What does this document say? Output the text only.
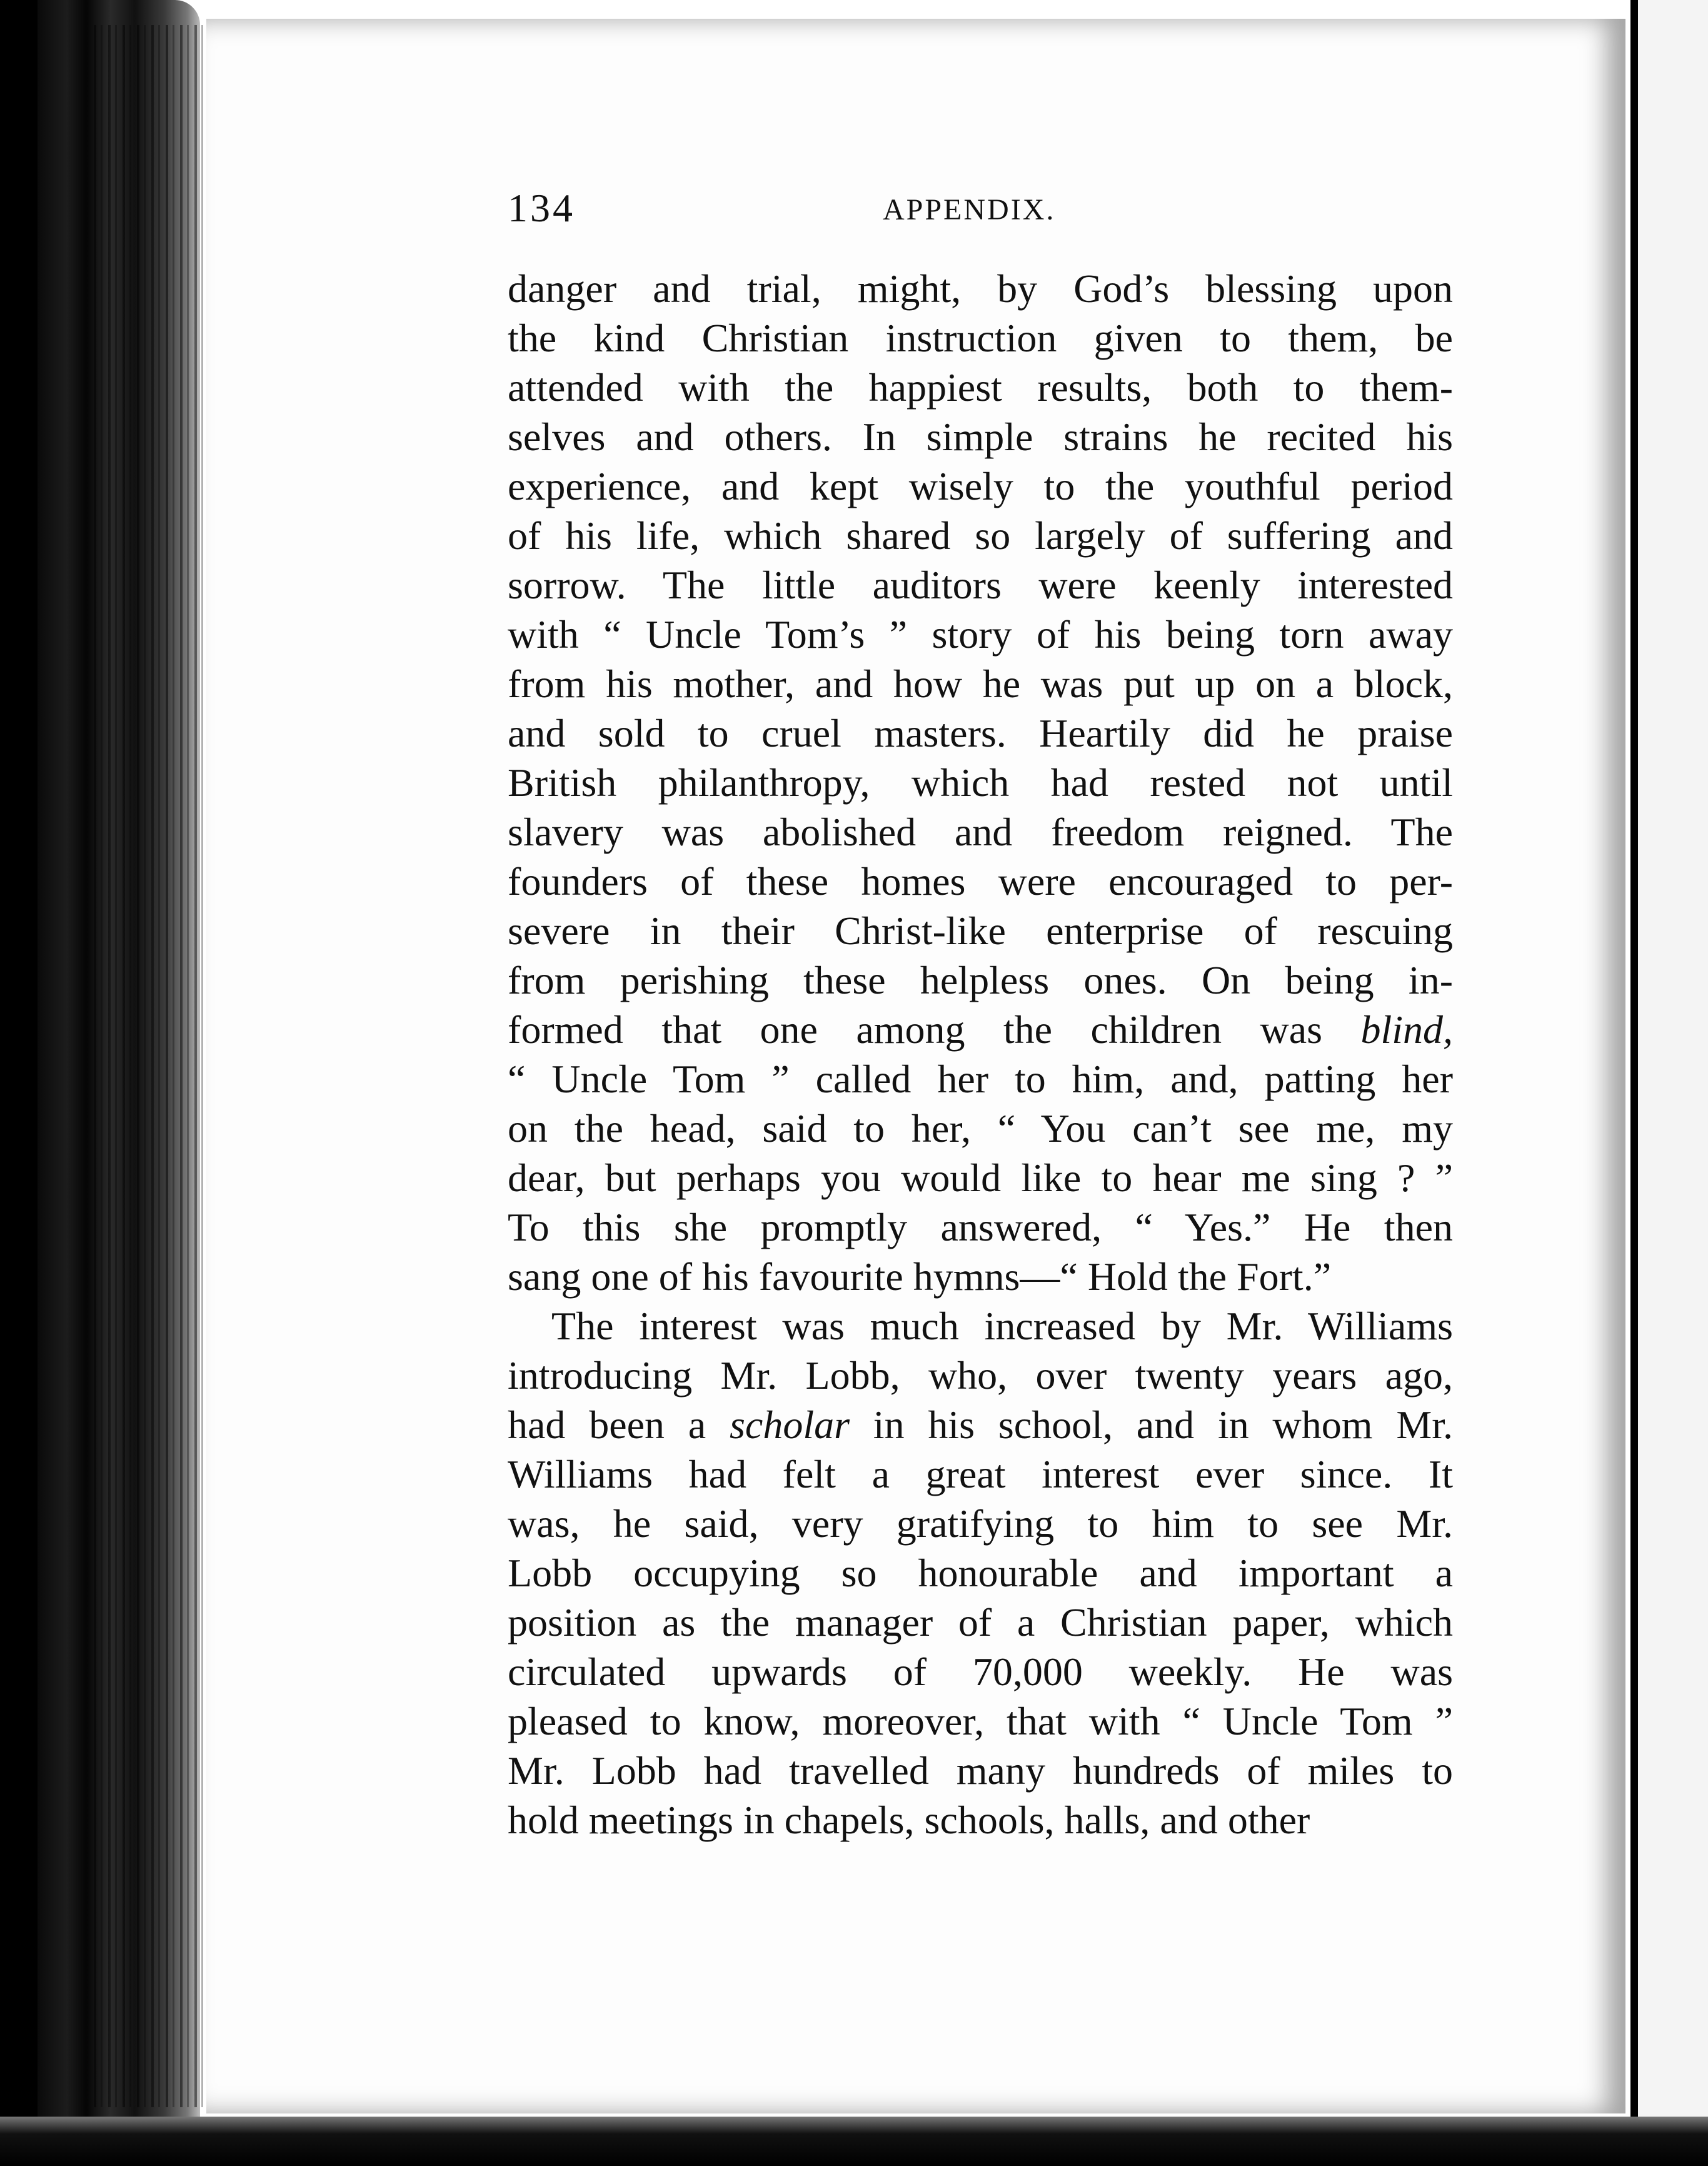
134	APPENDIX.
danger and trial, might, by God’s blessing upon
the kind Christian instruction given to them, be
attended with the happiest results, both to them-
selves and others. In simple strains he recited his
experience, and kept wisely to the youthful period
of his life, which shared so largely of suffering and
sorrow. The little auditors were keenly interested
with “ Uncle Tom’s ” story of his being torn away
from his mother, and how he was put up on a block,
and sold to cruel masters. Heartily did he praise
British philanthropy, which had rested not until
slavery was abolished and freedom reigned. The
founders of these homes were encouraged to per-
severe in their Christ-like enterprise of rescuing
from perishing these helpless ones. On being in-
formed that one among the children was blind,
“ Uncle Tom ” called her to him, and, patting her
on the head, said to her, “ You can’t see me, my
dear, but perhaps you would like to hear me sing ? ”
To this she promptly answered, “ Yes.” He then
sang one of his favourite hymns—“ Hold the Fort.”
The interest was much increased by Mr. Williams
introducing Mr. Lobb, who, over twenty years ago,
had been a scholar in his school, and in whom Mr.
Williams had felt a great interest ever since. It
was, he said, very gratifying to him to see Mr.
Lobb occupying so honourable and important a
position as the manager of a Christian paper, which
circulated upwards of 70,000 weekly. He was
pleased to know, moreover, that with “ Uncle Tom ”
Mr. Lobb had travelled many hundreds of miles to
hold meetings in chapels, schools, halls, and other
